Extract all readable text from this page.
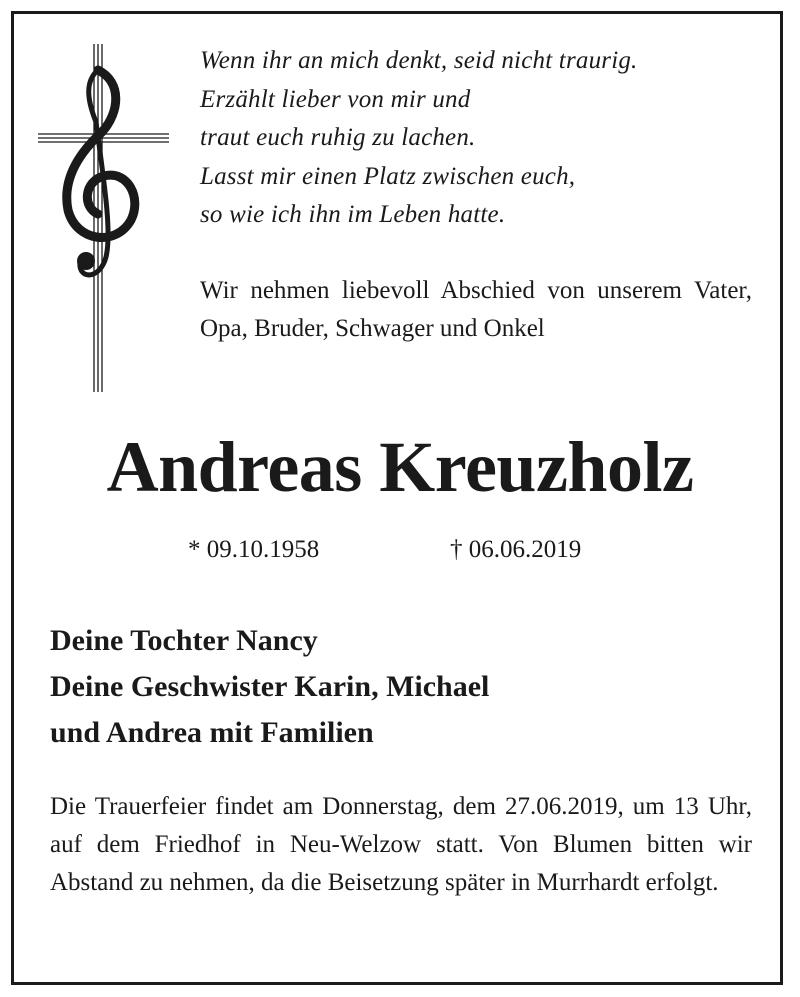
Wenn ihr an mich denkt, seid nicht traurig.
Erzählt lieber von mir und
traut euch ruhig zu lachen.
Lasst mir einen Platz zwischen euch,
so wie ich ihn im Leben hatte.
Wir nehmen liebevoll Abschied von unserem Vater, Opa, Bruder, Schwager und Onkel
Andreas Kreuzholz
* 09.10.1958	† 06.06.2019
Deine Tochter Nancy
Deine Geschwister Karin, Michael
und Andrea mit Familien
Die Trauerfeier findet am Donnerstag, dem 27.06.2019, um 13 Uhr, auf dem Friedhof in Neu-Welzow statt. Von Blumen bitten wir Abstand zu nehmen, da die Beisetzung später in Murrhardt erfolgt.
